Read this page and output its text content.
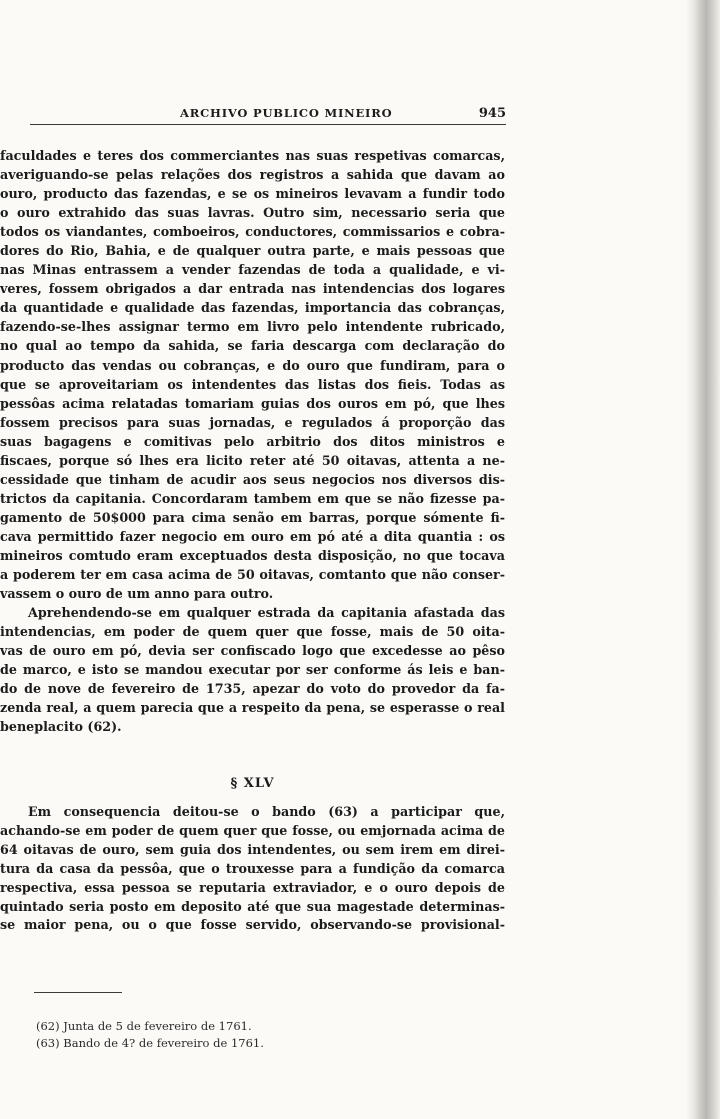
ARCHIVO PUBLICO MINEIRO	945

faculdades e teres dos commerciantes nas suas respetivas comarcas,

averiguando-se pelas relações dos registros a sahida que davam ao

ouro, producto das fazendas, e se os mineiros levavam a fundir todo

o ouro extrahido das suas lavras. Outro sim, necessario seria que

todos os viandantes, comboeiros, conductores, commissarios e cobra-

dores do Rio, Bahia, e de qualquer outra parte, e mais pessoas que

nas Minas entrassem a vender fazendas de toda a qualidade, e vi-

veres, fossem obrigados a dar entrada nas intendencias dos logares

da quantidade e qualidade das fazendas, importancia das cobranças,

fazendo-se-lhes assignar termo em livro pelo intendente rubricado,

no qual ao tempo da sahida, se faria descarga com declaração do

producto das vendas ou cobranças, e do ouro que fundiram, para o

que se aproveitariam os intendentes das listas dos fieis. Todas as

pessôas acima relatadas tomariam guias dos ouros em pó, que lhes

fossem precisos para suas jornadas, e regulados á proporção das

suas bagagens e comitivas pelo arbitrio dos ditos ministros e

fiscaes, porque só lhes era licito reter até 50 oitavas, attenta a ne-

cessidade que tinham de acudir aos seus negocios nos diversos dis-

trictos da capitania. Concordaram tambem em que se não fizesse pa-

gamento de 50$000 para cima senão em barras, porque sómente fi-

cava permittido fazer negocio em ouro em pó até a dita quantia : os

mineiros comtudo eram exceptuados desta disposição, no que tocava

a poderem ter em casa acima de 50 oitavas, comtanto que não conser-

vassem o ouro de um anno para outro.

Aprehendendo-se em qualquer estrada da capitania afastada das

intendencias, em poder de quem quer que fosse, mais de 50 oita-

vas de ouro em pó, devia ser confiscado logo que excedesse ao pêso

de marco, e isto se mandou executar por ser conforme ás leis e ban-

do de nove de fevereiro de 1735, apezar do voto do provedor da fa-

zenda real, a quem parecia que a respeito da pena, se esperasse o real

beneplacito (62).

§ XLV

Em consequencia deitou-se o bando (63) a participar que,

achando-se em poder de quem quer que fosse, ou emjornada acima de

64 oitavas de ouro, sem guia dos intendentes, ou sem irem em direi-

tura da casa da pessôa, que o trouxesse para a fundição da comarca

respectiva, essa pessoa se reputaria extraviador, e o ouro depois de

quintado seria posto em deposito até que sua magestade determinas-

se maior pena, ou o que fosse servido, observando-se provisional-

(62) Junta de 5 de fevereiro de 1761.
(63) Bando de 4? de fevereiro de 1761.
